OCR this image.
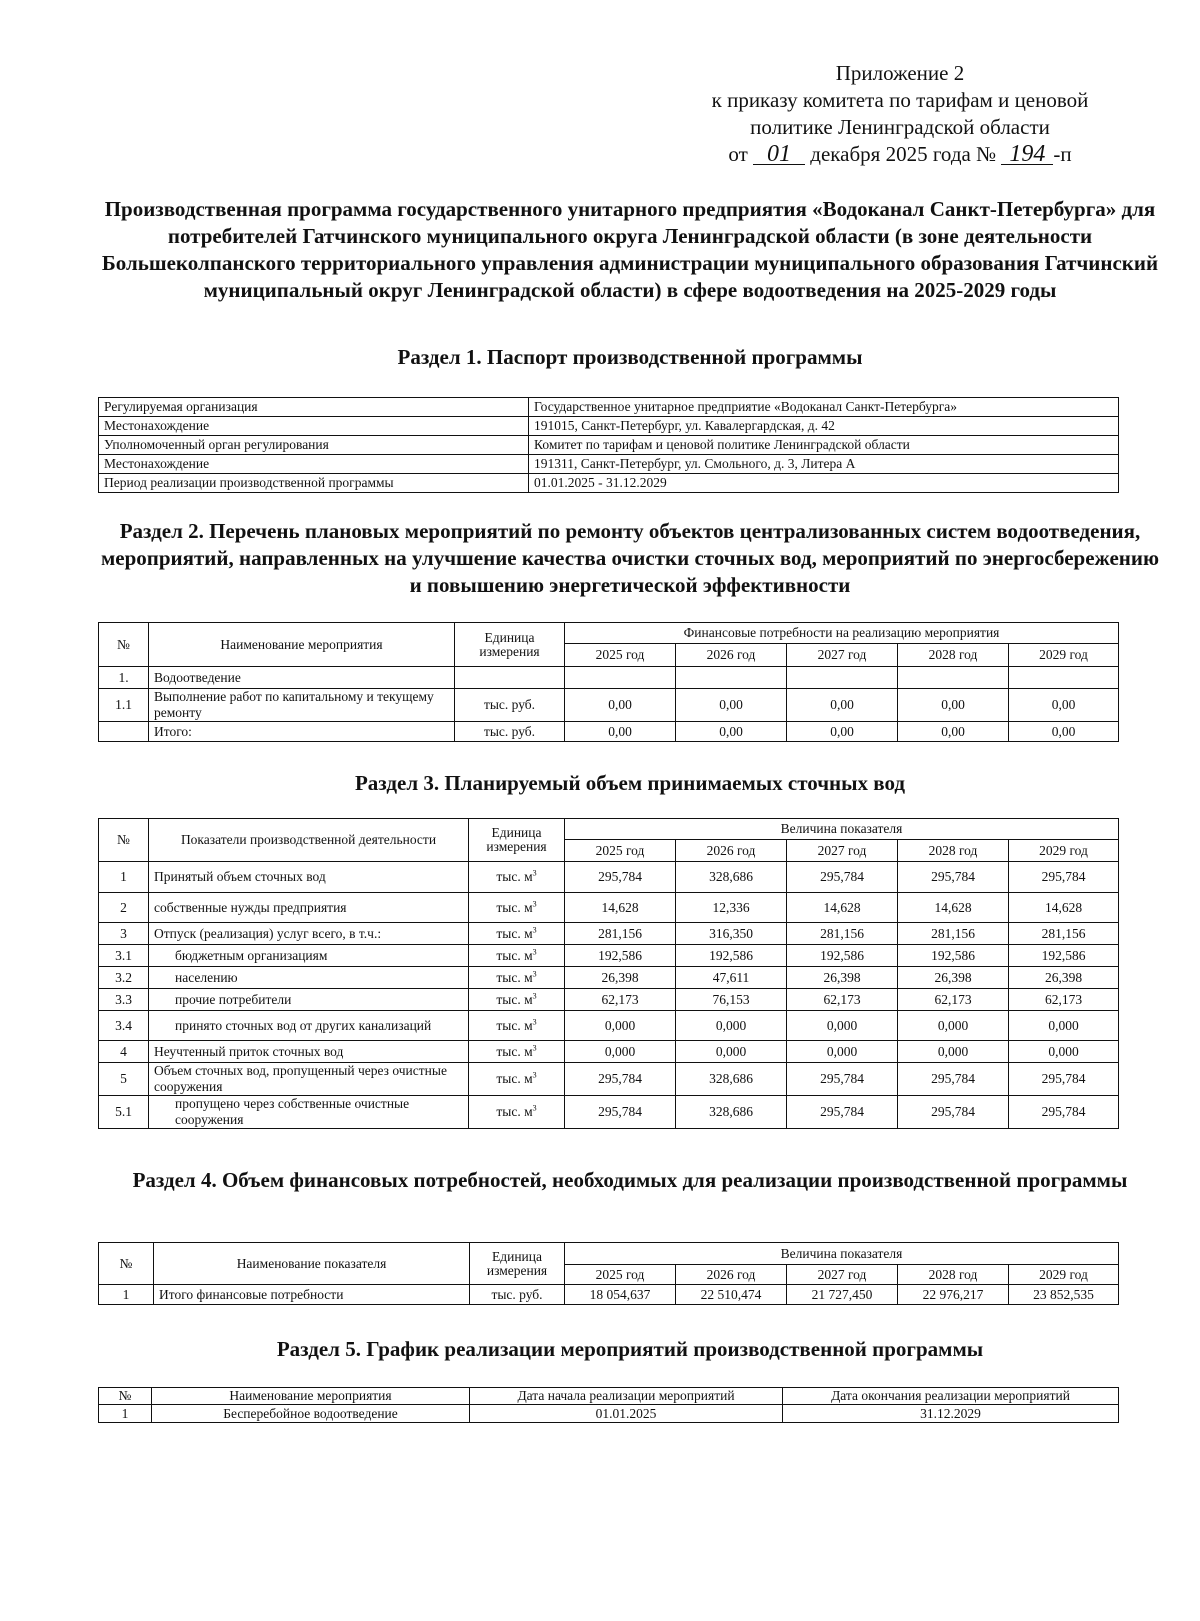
Приложение 2
к приказу комитета по тарифам и ценовой
политике Ленинградской области
от 01 декабря 2025 года № 194 -п
Производственная программа государственного унитарного предприятия «Водоканал Санкт-Петербурга» для потребителей Гатчинского муниципального округа Ленинградской области (в зоне деятельности Большеколпанского территориального управления администрации муниципального образования Гатчинский муниципальный округ Ленинградской области) в сфере водоотведения на 2025-2029 годы
Раздел 1. Паспорт производственной программы
Регулируемая организация	Государственное унитарное предприятие «Водоканал Санкт-Петербурга»
Местонахождение	191015, Санкт-Петербург, ул. Кавалергардская, д. 42
Уполномоченный орган регулирования	Комитет по тарифам и ценовой политике Ленинградской области
Местонахождение	191311, Санкт-Петербург, ул. Смольного, д. 3, Литера А
Период реализации производственной программы	01.01.2025 - 31.12.2029
Раздел 2. Перечень плановых мероприятий по ремонту объектов централизованных систем водоотведения, мероприятий, направленных на улучшение качества очистки сточных вод, мероприятий по энергосбережению и повышению энергетической эффективности
№	Наименование мероприятия	Единица измерения	Финансовые потребности на реализацию мероприятия				
			2025 год	2026 год	2027 год	2028 год	2029 год
1.	Водоотведение						
1.1	Выполнение работ по капитальному и текущему ремонту	тыс. руб.	0,00	0,00	0,00	0,00	0,00
	Итого:	тыс. руб.	0,00	0,00	0,00	0,00	0,00
Раздел 3. Планируемый объем принимаемых сточных вод
№	Показатели производственной деятельности	Единица измерения	Величина показателя				
			2025 год	2026 год	2027 год	2028 год	2029 год
1	Принятый объем сточных вод	тыс. $м^3$	295,784	328,686	295,784	295,784	295,784
2	собственные нужды предприятия	тыс. $м^3$	14,628	12,336	14,628	14,628	14,628
3	Отпуск (реализация) услуг всего, в т.ч.:	тыс. $м^3$	281,156	316,350	281,156	281,156	281,156
3.1	бюджетным организациям	тыс. $м^3$	192,586	192,586	192,586	192,586	192,586
3.2	населению	тыс. $м^3$	26,398	47,611	26,398	26,398	26,398
3.3	прочие потребители	тыс. $м^3$	62,173	76,153	62,173	62,173	62,173
3.4	принято сточных вод от других канализаций	тыс. $м^3$	0,000	0,000	0,000	0,000	0,000
4	Неучтенный приток сточных вод	тыс. $м^3$	0,000	0,000	0,000	0,000	0,000
5	Объем сточных вод, пропущенный через очистные сооружения	тыс. $м^3$	295,784	328,686	295,784	295,784	295,784
5.1	пропущено через собственные очистные сооружения	тыс. $м^3$	295,784	328,686	295,784	295,784	295,784
Раздел 4. Объем финансовых потребностей, необходимых для реализации производственной программы
№	Наименование показателя	Единица измерения	Величина показателя				
			2025 год	2026 год	2027 год	2028 год	2029 год
1	Итого финансовые потребности	тыс. руб.	18 054,637	22 510,474	21 727,450	22 976,217	23 852,535
Раздел 5. График реализации мероприятий производственной программы
№	Наименование мероприятия	Дата начала реализации мероприятий	Дата окончания реализации мероприятий
1	Бесперебойное водоотведение	01.01.2025	31.12.2029
